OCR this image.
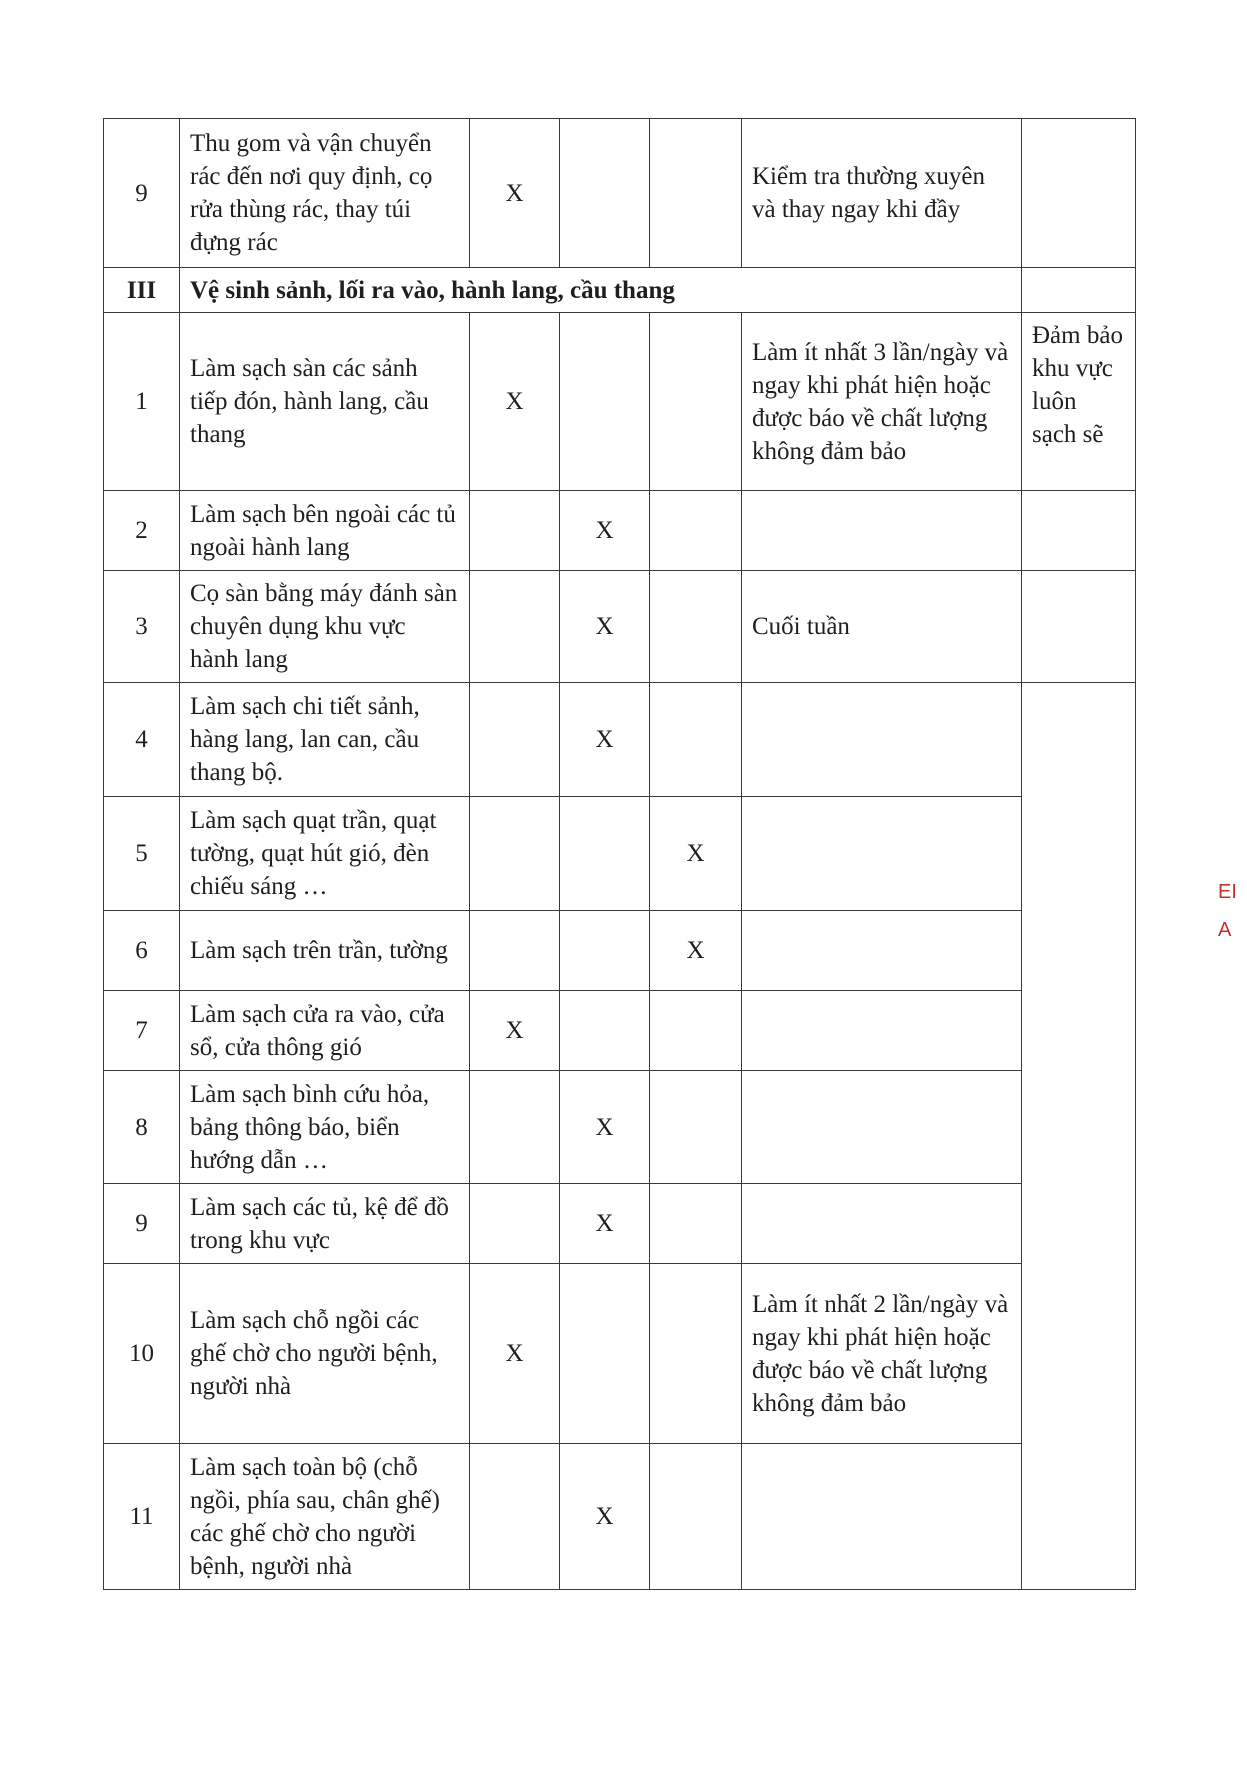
9	Thu gom và vận chuyển rác đến nơi quy định, cọ rửa thùng rác, thay túi đựng rác	X			Kiểm tra thường xuyên và thay ngay khi đầy	
III	Vệ sinh sảnh, lối ra vào, hành lang, cầu thang					
1	Làm sạch sàn các sảnh tiếp đón, hành lang, cầu thang	X			Làm ít nhất 3 lần/ngày và ngay khi phát hiện hoặc được báo về chất lượng không đảm bảo	Đảm bảo khu vực luôn sạch sẽ
2	Làm sạch bên ngoài các tủ ngoài hành lang		X			
3	Cọ sàn bằng máy đánh sàn chuyên dụng khu vực hành lang		X		Cuối tuần	
4	Làm sạch chi tiết sảnh, hàng lang, lan can, cầu thang bộ.		X			
5	Làm sạch quạt trần, quạt tường, quạt hút gió, đèn chiếu sáng …			X		
6	Làm sạch trên trần, tường			X		
7	Làm sạch cửa ra vào, cửa sổ, cửa thông gió	X				
8	Làm sạch bình cứu hỏa, bảng thông báo, biển hướng dẫn …		X			
9	Làm sạch các tủ, kệ để đồ trong khu vực		X			
10	Làm sạch chỗ ngồi các ghế chờ cho người bệnh, người nhà	X			Làm ít nhất 2 lần/ngày và ngay khi phát hiện hoặc được báo về chất lượng không đảm bảo	
11	Làm sạch toàn bộ (chỗ ngồi, phía sau, chân ghế) các ghế chờ cho người bệnh, người nhà		X			
EI
A
